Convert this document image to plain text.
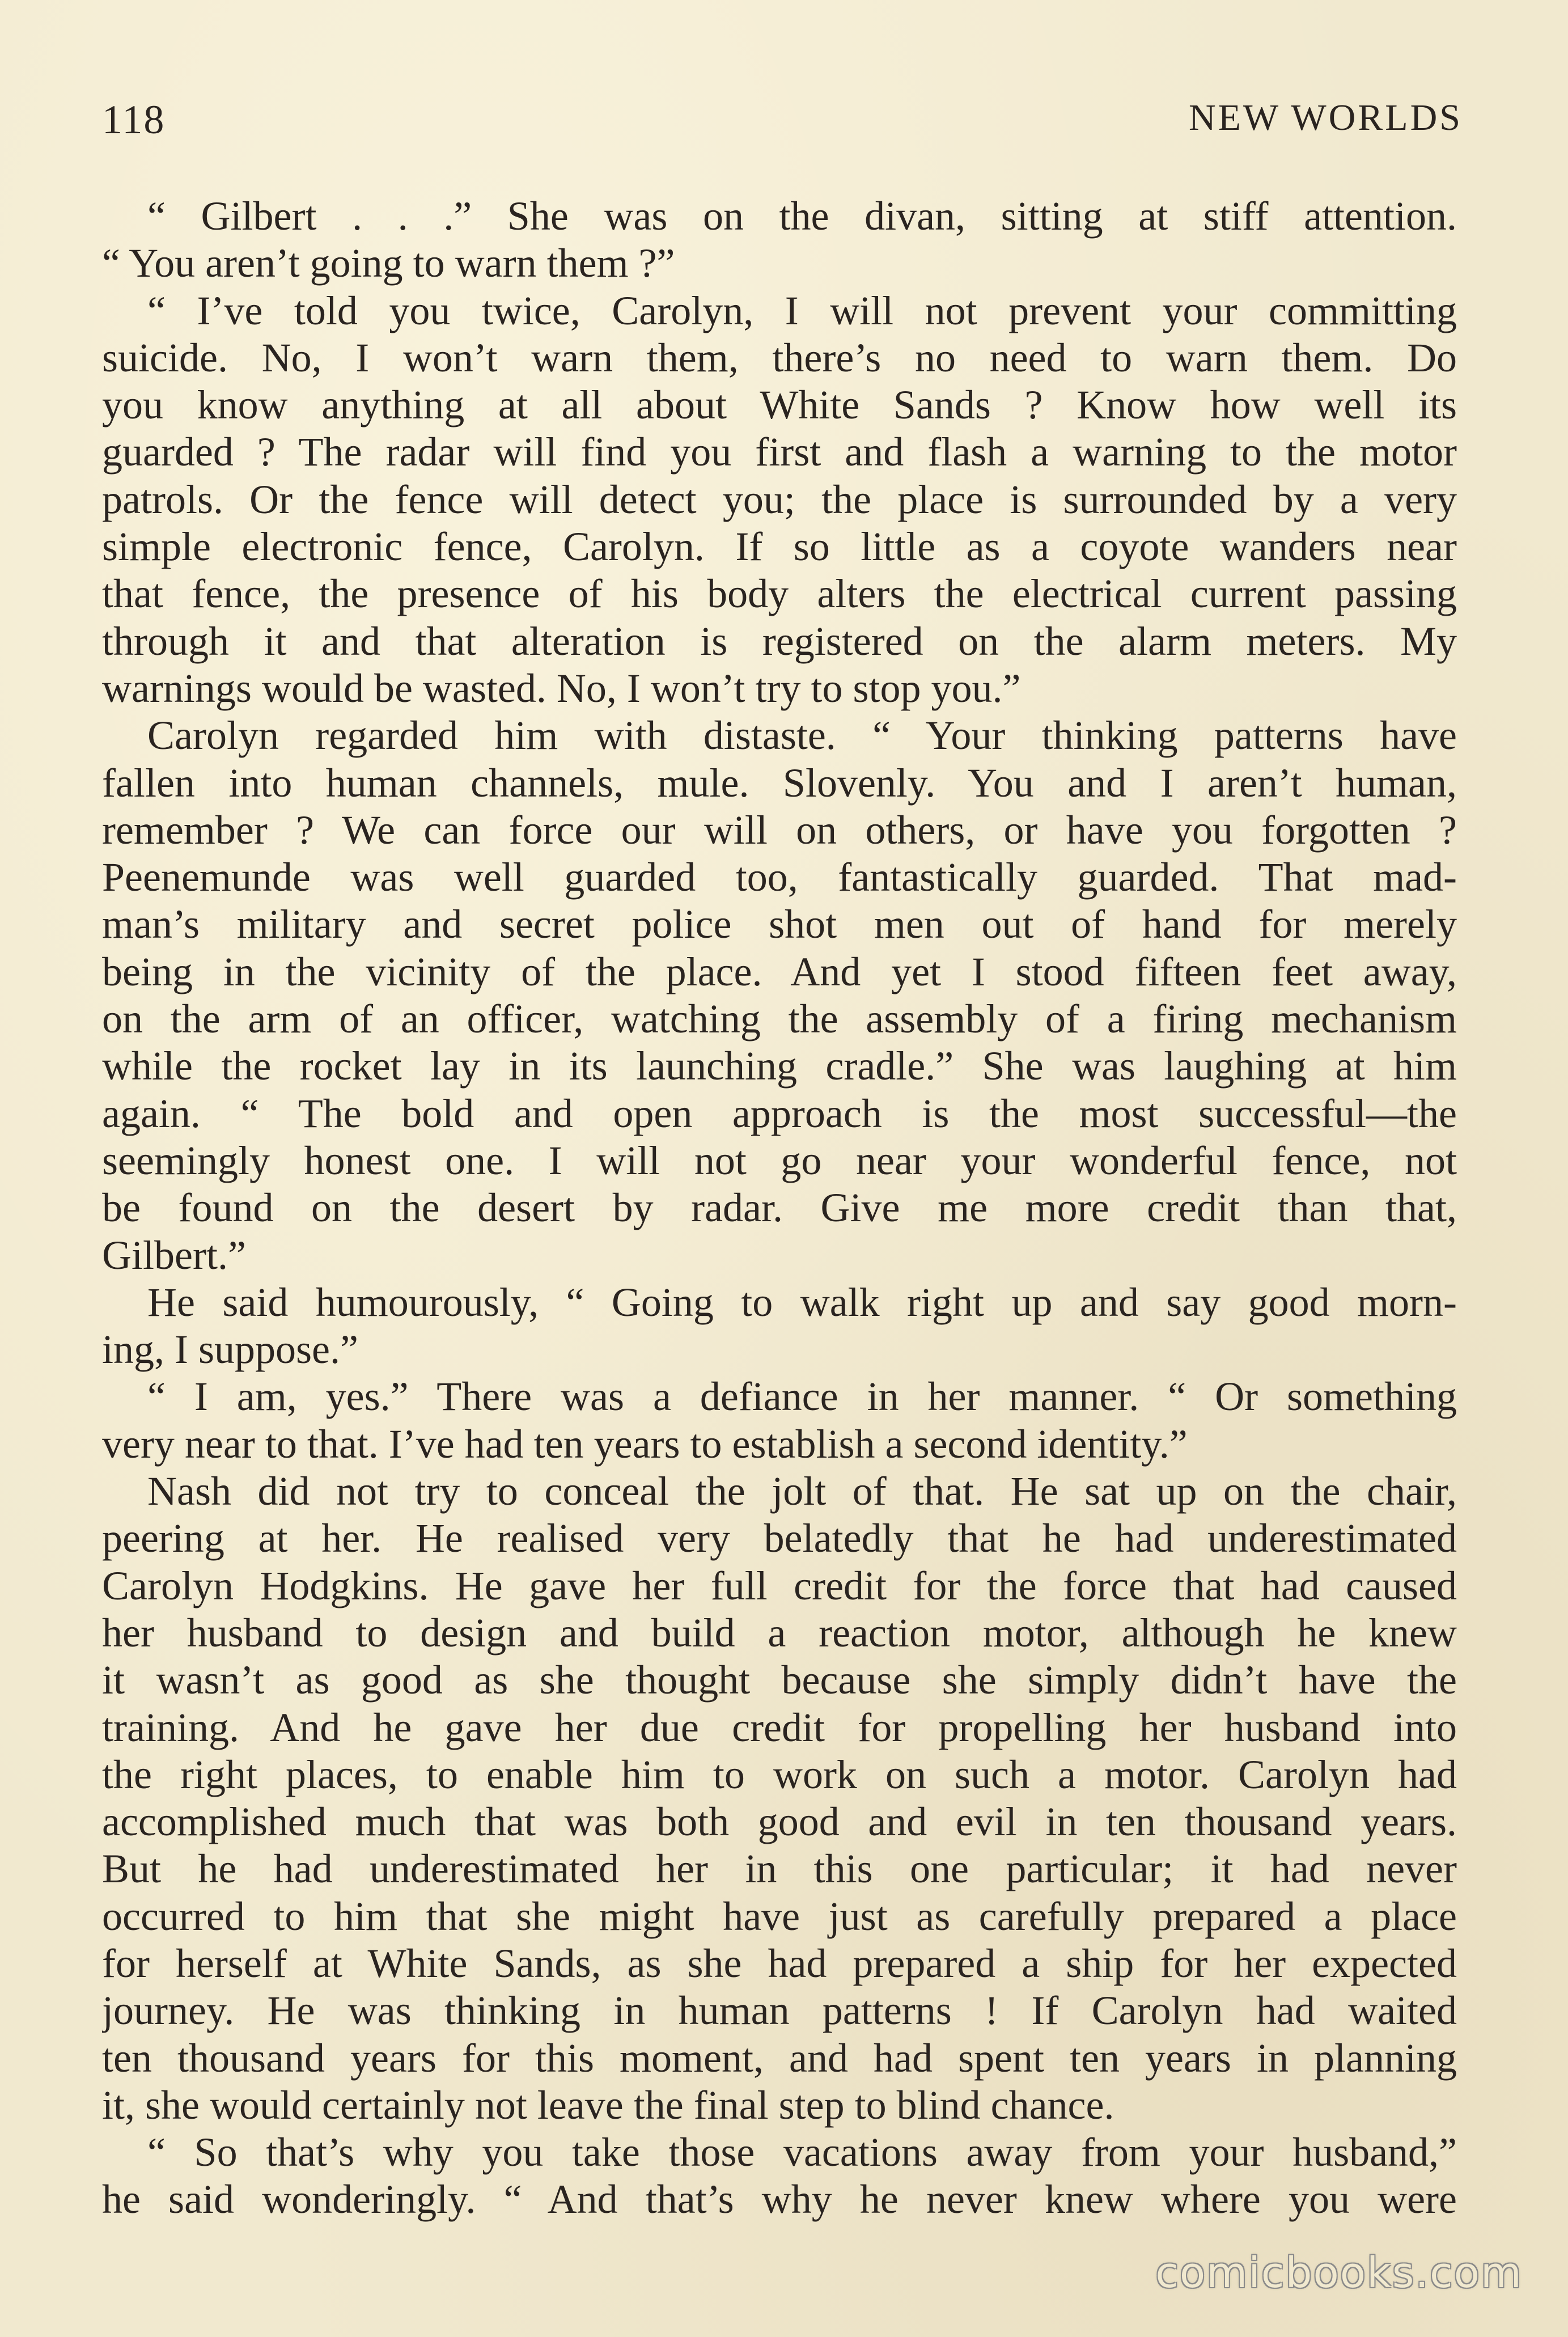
118	NEW WORLDS
“ Gilbert . . .” She was on the divan, sitting at stiff attention.
“ You aren’t going to warn them ?”
“ I’ve told you twice, Carolyn, I will not prevent your committing
suicide. No, I won’t warn them, there’s no need to warn them. Do
you know anything at all about White Sands ? Know how well its
guarded ? The radar will find you first and flash a warning to the motor
patrols. Or the fence will detect you; the place is surrounded by a very
simple electronic fence, Carolyn. If so little as a coyote wanders near
that fence, the presence of his body alters the electrical current passing
through it and that alteration is registered on the alarm meters. My
warnings would be wasted. No, I won’t try to stop you.”
Carolyn regarded him with distaste. “ Your thinking patterns have
fallen into human channels, mule. Slovenly. You and I aren’t human,
remember ? We can force our will on others, or have you forgotten ?
Peenemunde was well guarded too, fantastically guarded. That mad-
man’s military and secret police shot men out of hand for merely
being in the vicinity of the place. And yet I stood fifteen feet away,
on the arm of an officer, watching the assembly of a firing mechanism
while the rocket lay in its launching cradle.” She was laughing at him
again. “ The bold and open approach is the most successful—the
seemingly honest one. I will not go near your wonderful fence, not
be found on the desert by radar. Give me more credit than that,
Gilbert.”
He said humourously, “ Going to walk right up and say good morn-
ing, I suppose.”
“ I am, yes.” There was a defiance in her manner. “ Or something
very near to that. I’ve had ten years to establish a second identity.”
Nash did not try to conceal the jolt of that. He sat up on the chair,
peering at her. He realised very belatedly that he had underestimated
Carolyn Hodgkins. He gave her full credit for the force that had caused
her husband to design and build a reaction motor, although he knew
it wasn’t as good as she thought because she simply didn’t have the
training. And he gave her due credit for propelling her husband into
the right places, to enable him to work on such a motor. Carolyn had
accomplished much that was both good and evil in ten thousand years.
But he had underestimated her in this one particular; it had never
occurred to him that she might have just as carefully prepared a place
for herself at White Sands, as she had prepared a ship for her expected
journey. He was thinking in human patterns ! If Carolyn had waited
ten thousand years for this moment, and had spent ten years in planning
it, she would certainly not leave the final step to blind chance.
“ So that’s why you take those vacations away from your husband,”
he said wonderingly. “ And that’s why he never knew where you were
comicbooks.com
